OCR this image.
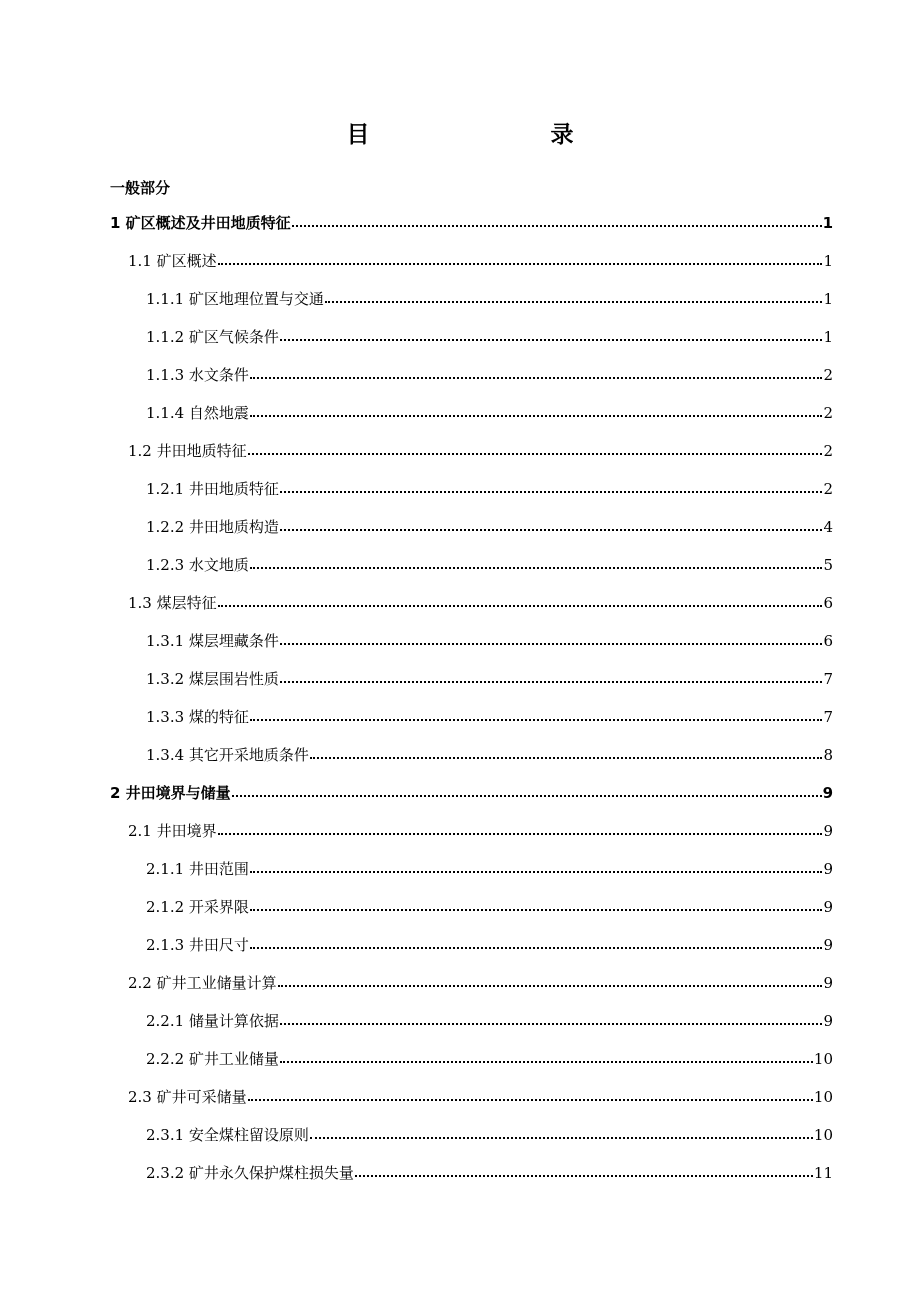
目　　录
一般部分
1 矿区概述及井田地质特征	1
1.1 矿区概述	1
1.1.1 矿区地理位置与交通	1
1.1.2 矿区气候条件	1
1.1.3 水文条件	2
1.1.4 自然地震	2
1.2 井田地质特征	2
1.2.1 井田地质特征	2
1.2.2 井田地质构造	4
1.2.3 水文地质	5
1.3 煤层特征	6
1.3.1 煤层埋藏条件	6
1.3.2 煤层围岩性质	7
1.3.3 煤的特征	7
1.3.4 其它开采地质条件	8
2 井田境界与储量	9
2.1 井田境界	9
2.1.1 井田范围	9
2.1.2 开采界限	9
2.1.3 井田尺寸	9
2.2 矿井工业储量计算	9
2.2.1 储量计算依据	9
2.2.2 矿井工业储量	10
2.3 矿井可采储量	10
2.3.1 安全煤柱留设原则	10
2.3.2 矿井永久保护煤柱损失量	11
